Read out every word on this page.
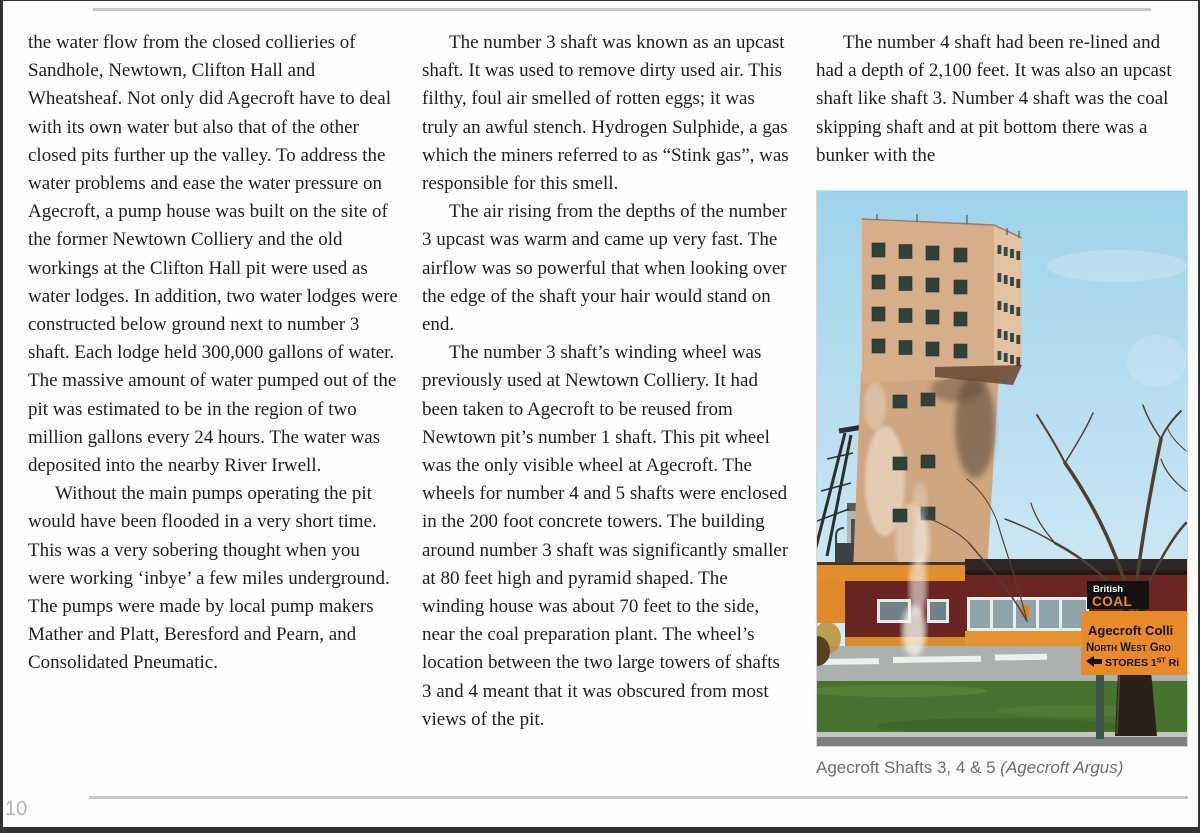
10

the water flow from the closed collieries of Sandhole, Newtown, Clifton Hall and Wheatsheaf. Not only did Agecroft have to deal with its own water but also that of the other closed pits further up the valley. To address the water problems and ease the water pressure on Agecroft, a pump house was built on the site of the former Newtown Colliery and the old workings at the Clifton Hall pit were used as water lodges. In addition, two water lodges were constructed below ground next to number 3 shaft. Each lodge held 300,000 gallons of water. The massive amount of water pumped out of the pit was estimated to be in the region of two million gallons every 24 hours. The water was deposited into the nearby River Irwell.

Without the main pumps operating the pit would have been flooded in a very short time. This was a very sobering thought when you were working ‘inbye’ a few miles underground. The pumps were made by local pump makers Mather and Platt, Beresford and Pearn, and Consolidated Pneumatic.

The number 3 shaft was known as an upcast shaft. It was used to remove dirty used air. This filthy, foul air smelled of rotten eggs; it was truly an awful stench. Hydrogen Sulphide, a gas which the miners referred to as “Stink gas”, was responsible for this smell.

The air rising from the depths of the number 3 upcast was warm and came up very fast. The airflow was so powerful that when looking over the edge of the shaft your hair would stand on end.

The number 3 shaft’s winding wheel was previously used at Newtown Colliery. It had been taken to Agecroft to be reused from Newtown pit’s number 1 shaft. This pit wheel was the only visible wheel at Agecroft. The wheels for number 4 and 5 shafts were enclosed in the 200 foot concrete towers. The building around number 3 shaft was significantly smaller at 80 feet high and pyramid shaped. The winding house was about 70 feet to the side, near the coal preparation plant. The wheel’s location between the two large towers of shafts 3 and 4 meant that it was obscured from most views of the pit.

The number 4 shaft had been re-lined and had a depth of 2,100 feet. It was also an upcast shaft like shaft 3. Number 4 shaft was the coal skipping shaft and at pit bottom there was a bunker with the

British
COAL
Agecroft Colli
North West Gro
STORES 1ST Ri
Agecroft Shafts 3, 4 & 5 (Agecroft Argus)
